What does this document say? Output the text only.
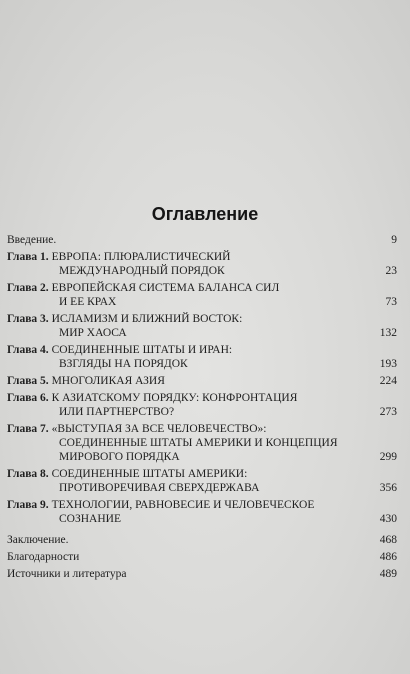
Оглавление
Введение.	9
Глава 1. ЕВРОПА: ПЛЮРАЛИСТИЧЕСКИЙ
МЕЖДУНАРОДНЫЙ ПОРЯДОК	23
Глава 2. ЕВРОПЕЙСКАЯ СИСТЕМА БАЛАНСА СИЛ
И ЕЕ КРАХ	73
Глава 3. ИСЛАМИЗМ И БЛИЖНИЙ ВОСТОК:
МИР ХАОСА	132
Глава 4. СОЕДИНЕННЫЕ ШТАТЫ И ИРАН:
ВЗГЛЯДЫ НА ПОРЯДОК	193
Глава 5. МНОГОЛИКАЯ АЗИЯ	224
Глава 6. К АЗИАТСКОМУ ПОРЯДКУ: КОНФРОНТАЦИЯ
ИЛИ ПАРТНЕРСТВО?	273
Глава 7. «ВЫСТУПАЯ ЗА ВСЕ ЧЕЛОВЕЧЕСТВО»:
СОЕДИНЕННЫЕ ШТАТЫ АМЕРИКИ И КОНЦЕПЦИЯ
МИРОВОГО ПОРЯДКА	299
Глава 8. СОЕДИНЕННЫЕ ШТАТЫ АМЕРИКИ:
ПРОТИВОРЕЧИВАЯ СВЕРХДЕРЖАВА	356
Глава 9. ТЕХНОЛОГИИ, РАВНОВЕСИЕ И ЧЕЛОВЕЧЕСКОЕ
СОЗНАНИЕ	430
Заключение.	468
Благодарности	486
Источники и литература	489
